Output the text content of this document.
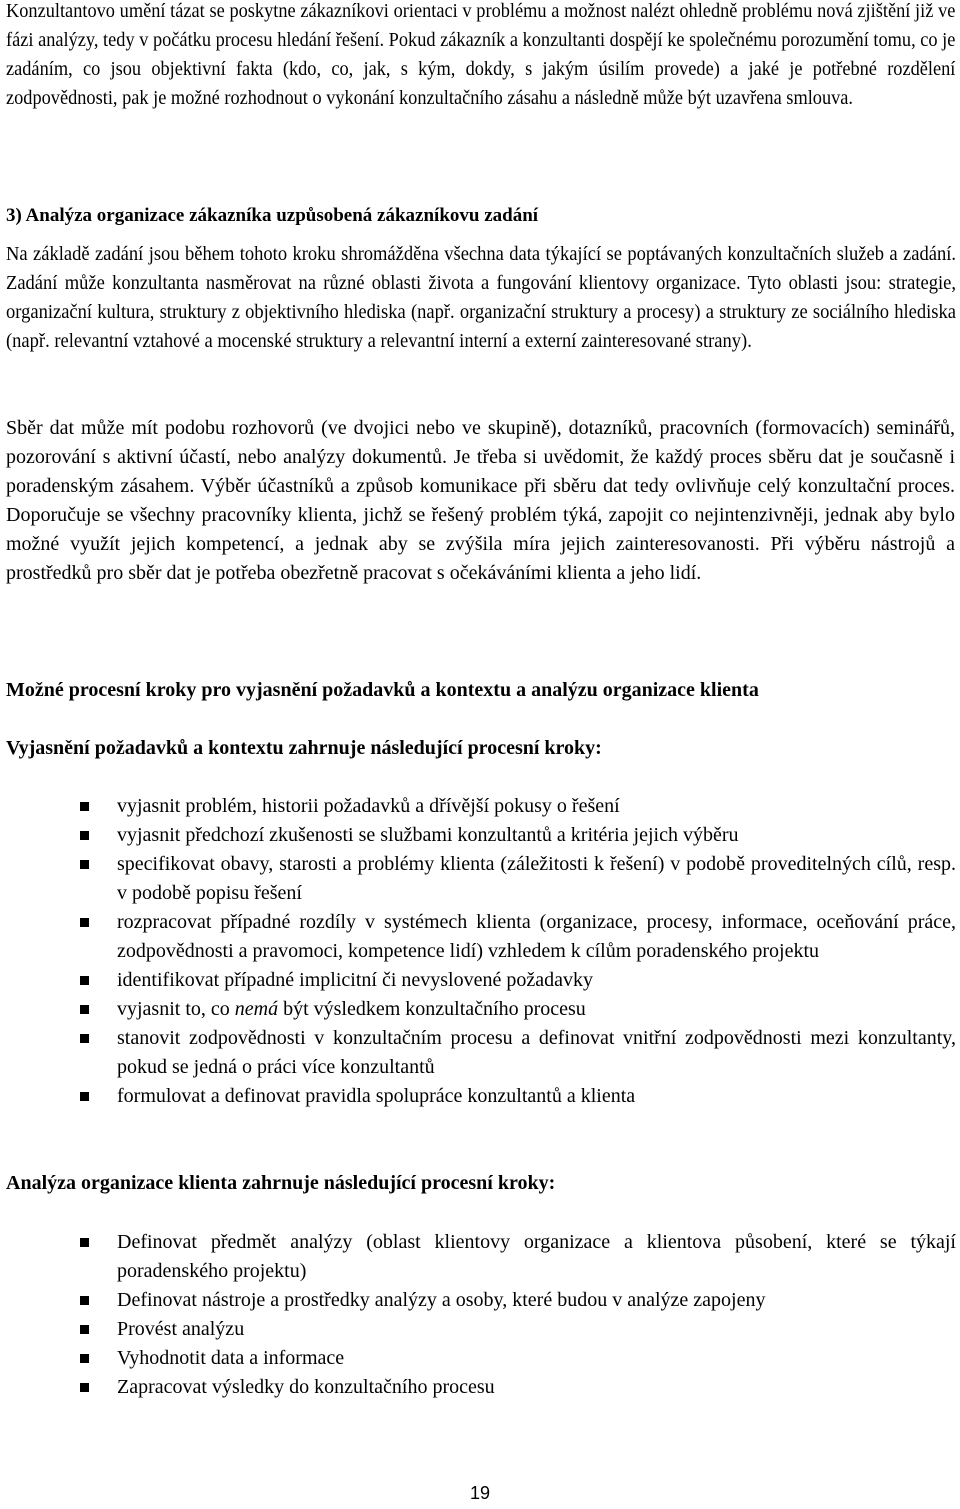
Konzultantovo umění tázat se poskytne zákazníkovi orientaci v problému a možnost nalézt ohledně problému nová zjištění již ve fázi analýzy, tedy v počátku procesu hledání řešení. Pokud zákazník a konzultanti dospějí ke společnému porozumění tomu, co je zadáním, co jsou objektivní fakta (kdo, co, jak, s kým, dokdy, s jakým úsilím provede) a jaké je potřebné rozdělení zodpovědnosti, pak je možné rozhodnout o vykonání konzultačního zásahu a následně může být uzavřena smlouva.

3) Analýza organizace zákazníka uzpůsobená zákazníkovu zadání

Na základě zadání jsou během tohoto kroku shromážděna všechna data týkající se poptávaných konzultačních služeb a zadání. Zadání může konzultanta nasměrovat na různé oblasti života a fungování klientovy organizace. Tyto oblasti jsou: strategie, organizační kultura, struktury z objektivního hlediska (např. organizační struktury a procesy) a struktury ze sociálního hlediska (např. relevantní vztahové a mocenské struktury a relevantní interní a externí zainteresované strany).

Sběr dat může mít podobu rozhovorů (ve dvojici nebo ve skupině), dotazníků, pracovních (formovacích) seminářů, pozorování s aktivní účastí, nebo analýzy dokumentů. Je třeba si uvědomit, že každý proces sběru dat je současně i poradenským zásahem. Výběr účastníků a způsob komunikace při sběru dat tedy ovlivňuje celý konzultační proces. Doporučuje se všechny pracovníky klienta, jichž se řešený problém týká, zapojit co nejintenzivněji, jednak aby bylo možné využít jejich kompetencí, a jednak aby se zvýšila míra jejich zainteresovanosti. Při výběru nástrojů a prostředků pro sběr dat je potřeba obezřetně pracovat s očekáváními klienta a jeho lidí.

Možné procesní kroky pro vyjasnění požadavků a kontextu a analýzu organizace klienta
Vyjasnění požadavků a kontextu zahrnuje následující procesní kroky:
vyjasnit problém, historii požadavků a dřívější pokusy o řešení
vyjasnit předchozí zkušenosti se službami konzultantů a kritéria jejich výběru
specifikovat obavy, starosti a problémy klienta (záležitosti k řešení) v podobě proveditelných cílů, resp. v podobě popisu řešení
rozpracovat případné rozdíly v systémech klienta (organizace, procesy, informace, oceňování práce, zodpovědnosti a pravomoci, kompetence lidí) vzhledem k cílům poradenského projektu
identifikovat případné implicitní či nevyslovené požadavky
vyjasnit to, co nemá být výsledkem konzultačního procesu
stanovit zodpovědnosti v konzultačním procesu a definovat vnitřní zodpovědnosti mezi konzultanty, pokud se jedná o práci více konzultantů
formulovat a definovat pravidla spolupráce konzultantů a klienta
Analýza organizace klienta zahrnuje následující procesní kroky:
Definovat předmět analýzy (oblast klientovy organizace a klientova působení, které se týkají poradenského projektu)
Definovat nástroje a prostředky analýzy a osoby, které budou v analýze zapojeny
Provést analýzu
Vyhodnotit data a informace
Zapracovat výsledky do konzultačního procesu
19
